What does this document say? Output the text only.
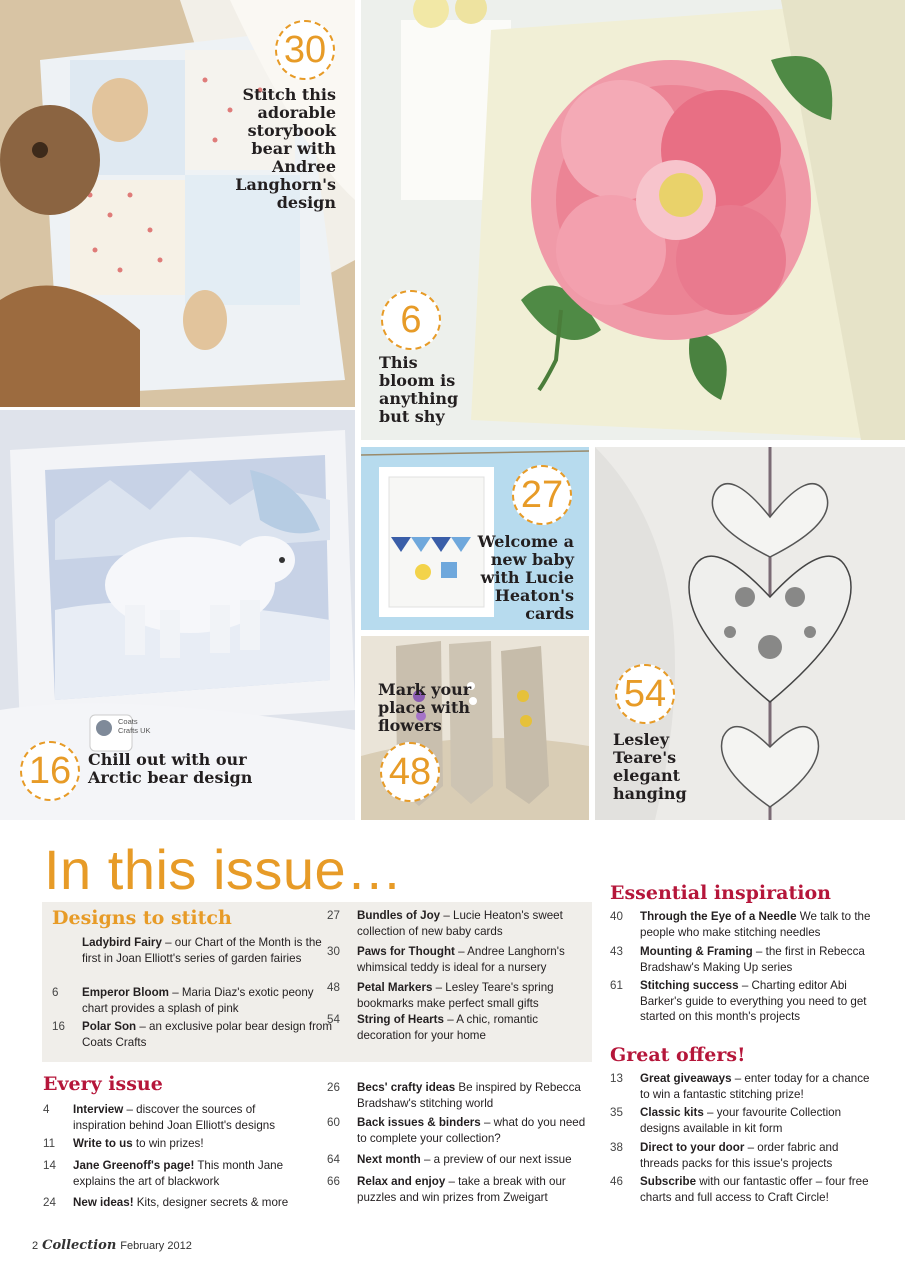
30
Stitch this adorable storybook bear with Andree Langhorn's design
6
This bloom is anything but shy
16	Chill out with our Arctic bear design
Coats
Crafts UK
27
Welcome a new baby with Lucie Heaton's cards
Mark your place with flowers
48
54
Lesley Teare's elegant hanging
In this issue…
Designs to stitch
Ladybird Fairy – our Chart of the Month is the first in Joan Elliott's series of garden fairies
6	Emperor Bloom – Maria Diaz's exotic peony chart provides a splash of pink
16	Polar Son – an exclusive polar bear design from Coats Crafts
27	Bundles of Joy – Lucie Heaton's sweet collection of new baby cards
30	Paws for Thought – Andree Langhorn's whimsical teddy is ideal for a nursery
48	Petal Markers – Lesley Teare's spring bookmarks make perfect small gifts
54	String of Hearts – A chic, romantic decoration for your home
Every issue
4	Interview – discover the sources of inspiration behind Joan Elliott's designs
11	Write to us to win prizes!
14	Jane Greenoff's page! This month Jane explains the art of blackwork
24	New ideas! Kits, designer secrets & more
26	Becs' crafty ideas Be inspired by Rebecca Bradshaw's stitching world
60	Back issues & binders – what do you need to complete your collection?
64	Next month – a preview of our next issue
66	Relax and enjoy – take a break with our puzzles and win prizes from Zweigart
Essential inspiration
40	Through the Eye of a Needle We talk to the people who make stitching needles
43	Mounting & Framing – the first in Rebecca Bradshaw's Making Up series
61	Stitching success – Charting editor Abi Barker's guide to everything you need to get started on this month's projects
Great offers!
13	Great giveaways – enter today for a chance to win a fantastic stitching prize!
35	Classic kits – your favourite Collection designs available in kit form
38	Direct to your door – order fabric and threads packs for this issue's projects
46	Subscribe with our fantastic offer – four free charts and full access to Craft Circle!
2 Collection February 2012
